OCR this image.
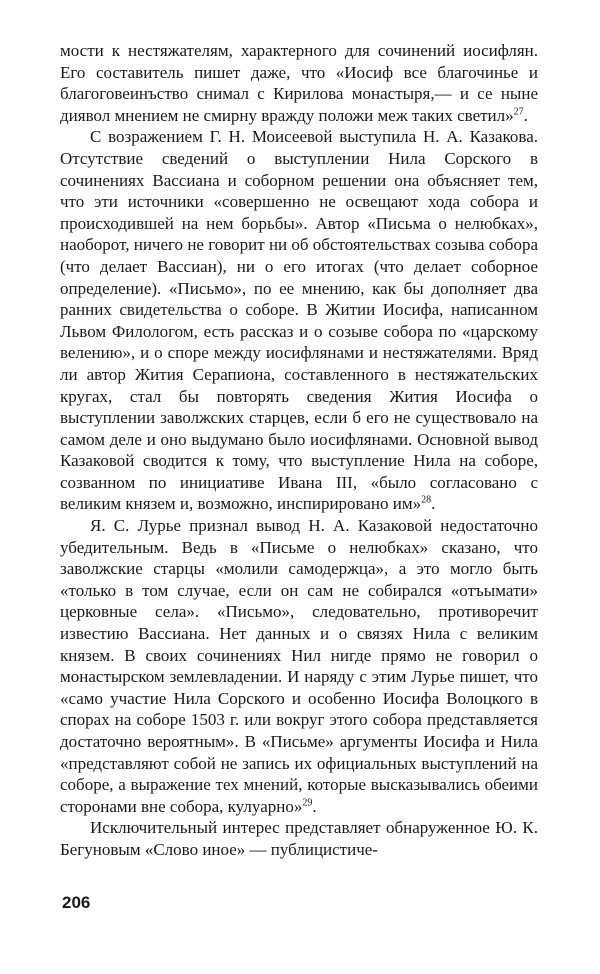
мости к нестяжателям, характерного для сочинений иосифлян. Его составитель пишет даже, что «Иосиф все благочинье и благоговеинъство снимал с Кирилова монастыря,— и се ныне диявол мнением не смирну вражду положи меж таких светил»$^{27}$.

С возражением Г. Н. Моисеевой выступила Н. А. Казакова. Отсутствие сведений о выступлении Нила Сорского в сочинениях Вассиана и соборном решении она объясняет тем, что эти источники «совершенно не освещают хода собора и происходившей на нем борьбы». Автор «Письма о нелюбках», наоборот, ничего не говорит ни об обстоятельствах созыва собора (что делает Вассиан), ни о его итогах (что делает соборное определение). «Письмо», по ее мнению, как бы дополняет два ранних свидетельства о соборе. В Житии Иосифа, написанном Львом Филологом, есть рассказ и о созыве собора по «царскому велению», и о споре между иосифлянами и нестяжателями. Вряд ли автор Жития Серапиона, составленного в нестяжательских кругах, стал бы повторять сведения Жития Иосифа о выступлении заволжских старцев, если б его не существовало на самом деле и оно выдумано было иосифлянами. Основной вывод Казаковой сводится к тому, что выступление Нила на соборе, созванном по инициативе Ивана III, «было согласовано с великим князем и, возможно, инспирировано им»$^{28}$.

Я. С. Лурье признал вывод Н. А. Казаковой недостаточно убедительным. Ведь в «Письме о нелюбках» сказано, что заволжские старцы «молили самодержца», а это могло быть «только в том случае, если он сам не собирался «отъымати» церковные села». «Письмо», следовательно, противоречит известию Вассиана. Нет данных и о связях Нила с великим князем. В своих сочинениях Нил нигде прямо не говорил о монастырском землевладении. И наряду с этим Лурье пишет, что «само участие Нила Сорского и особенно Иосифа Волоцкого в спорах на соборе 1503 г. или вокруг этого собора представляется достаточно вероятным». В «Письме» аргументы Иосифа и Нила «представляют собой не запись их официальных выступлений на соборе, а выражение тех мнений, которые высказывались обеими сторонами вне собора, кулуарно»$^{29}$.

Исключительный интерес представляет обнаруженное Ю. К. Бегуновым «Слово иное» — публицистиче-

206
